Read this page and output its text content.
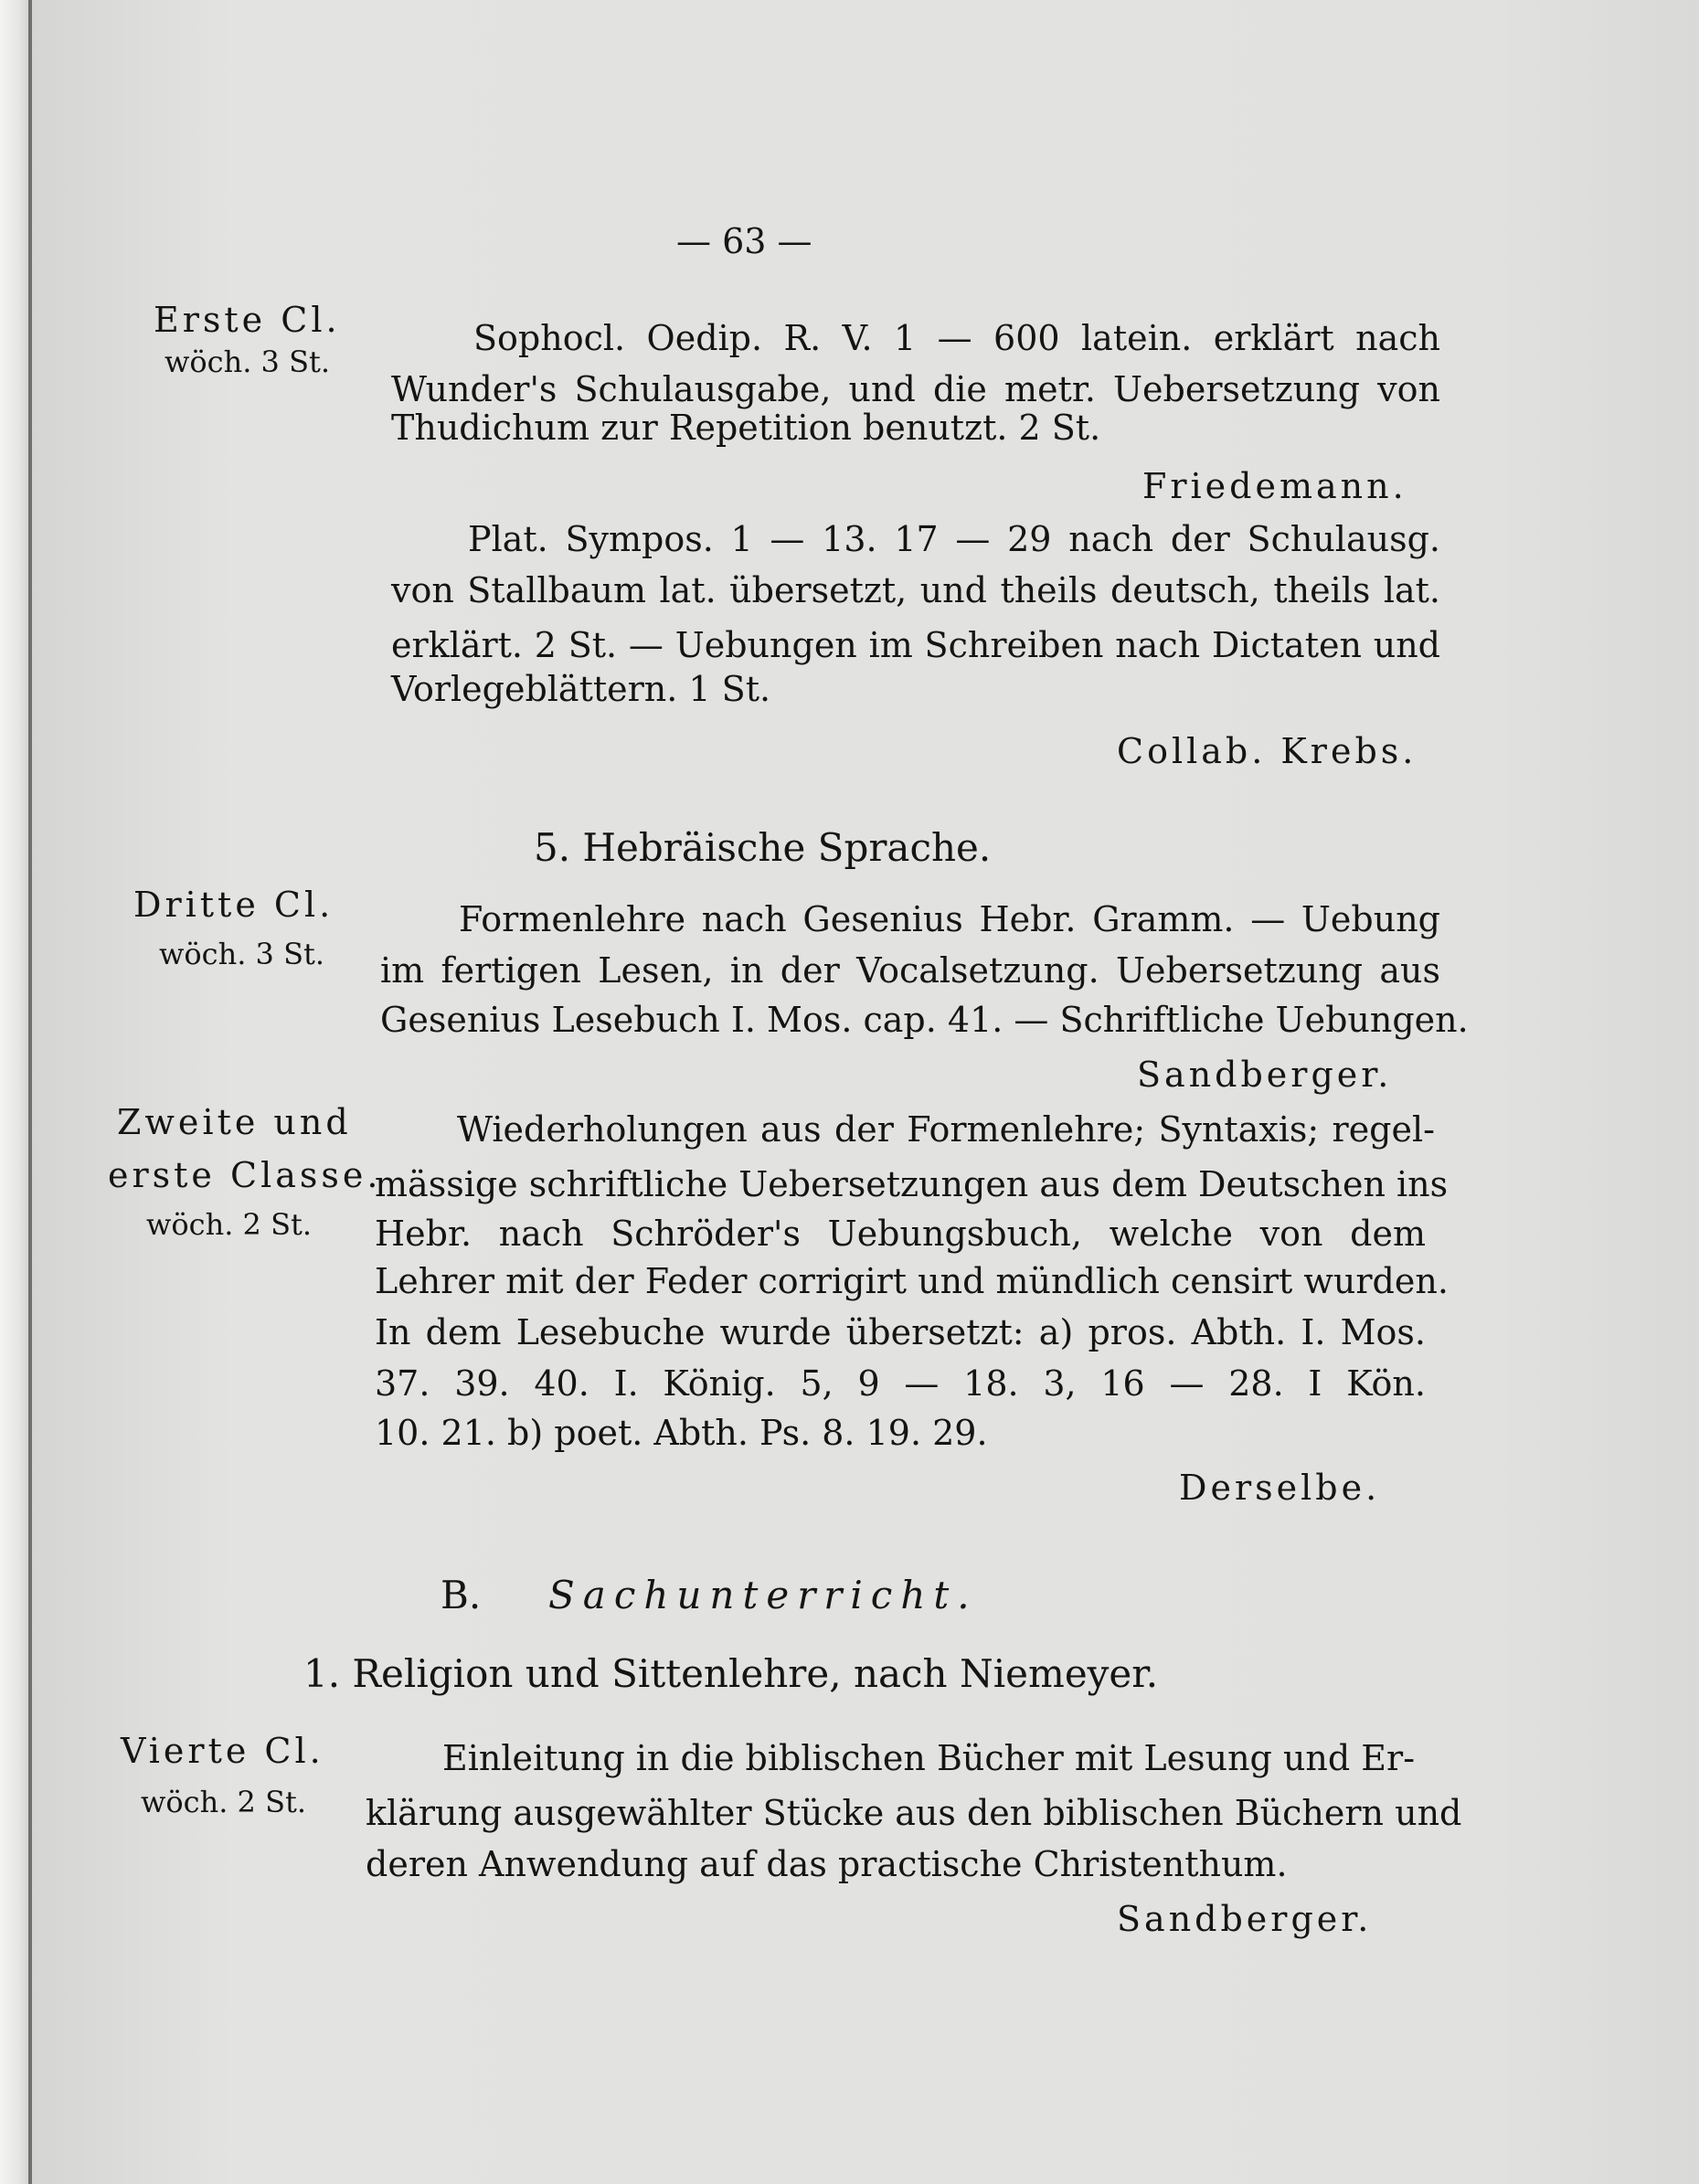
— 63 —
Erste Cl.
wöch. 3 St.
Sophocl. Oedip. R. V. 1 — 600 latein. erklärt nach
Wunder's Schulausgabe, und die metr. Uebersetzung von
Thudichum zur Repetition benutzt. 2 St.
Friedemann.
Plat. Sympos. 1 — 13. 17 — 29 nach der Schulausg.
von Stallbaum lat. übersetzt, und theils deutsch, theils lat.
erklärt. 2 St. — Uebungen im Schreiben nach Dictaten und
Vorlegeblättern. 1 St.
Collab. Krebs.
5. Hebräische Sprache.
Dritte Cl.
wöch. 3 St.
Formenlehre nach Gesenius Hebr. Gramm. — Uebung
im fertigen Lesen, in der Vocalsetzung. Uebersetzung aus
Gesenius Lesebuch I. Mos. cap. 41. — Schriftliche Uebungen.
Sandberger.
Zweite und
erste Classe.
wöch. 2 St.
Wiederholungen aus der Formenlehre; Syntaxis; regel-
mässige schriftliche Uebersetzungen aus dem Deutschen ins
Hebr. nach Schröder's Uebungsbuch, welche von dem
Lehrer mit der Feder corrigirt und mündlich censirt wurden.
In dem Lesebuche wurde übersetzt: a) pros. Abth. I. Mos.
37. 39. 40. I. König. 5, 9 — 18. 3, 16 — 28. I Kön.
10. 21. b) poet. Abth. Ps. 8. 19. 29.
Derselbe.
B. Sachunterricht.
1. Religion und Sittenlehre, nach Niemeyer.
Vierte Cl.
wöch. 2 St.
Einleitung in die biblischen Bücher mit Lesung und Er-
klärung ausgewählter Stücke aus den biblischen Büchern und
deren Anwendung auf das practische Christenthum.
Sandberger.
